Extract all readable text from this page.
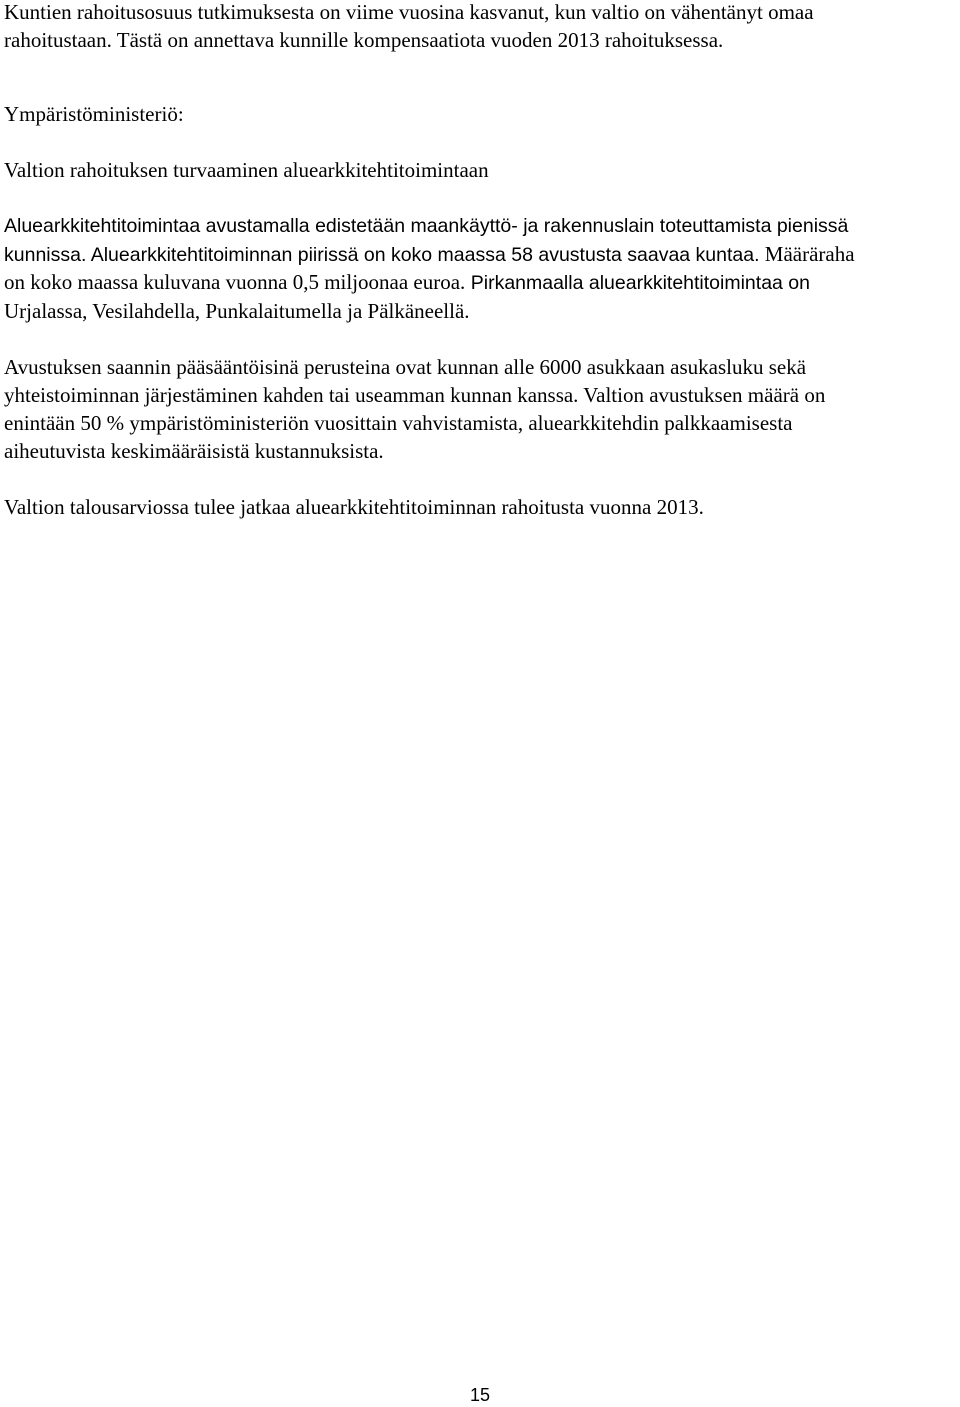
Kuntien rahoitusosuus tutkimuksesta on viime vuosina kasvanut, kun valtio on vähentänyt omaa

rahoitustaan. Tästä on annettava kunnille kompensaatiota vuoden 2013 rahoituksessa.

Ympäristöministeriö:

Valtion rahoituksen turvaaminen aluearkkitehtitoimintaan

Aluearkkitehtitoimintaa avustamalla edistetään maankäyttö- ja rakennuslain toteuttamista pienissä

kunnissa. Aluearkkitehtitoiminnan piirissä on koko maassa 58 avustusta saavaa kuntaa. Määräraha

on koko maassa kuluvana vuonna 0,5 miljoonaa euroa. Pirkanmaalla aluearkkitehtitoimintaa on

Urjalassa, Vesilahdella, Punkalaitumella ja Pälkäneellä.

Avustuksen saannin pääsääntöisinä perusteina ovat kunnan alle 6000 asukkaan asukasluku sekä

yhteistoiminnan järjestäminen kahden tai useamman kunnan kanssa. Valtion avustuksen määrä on

enintään 50 % ympäristöministeriön vuosittain vahvistamista, aluearkkitehdin palkkaamisesta

aiheutuvista keskimääräisistä kustannuksista.

Valtion talousarviossa tulee jatkaa aluearkkitehtitoiminnan rahoitusta vuonna 2013.

15
